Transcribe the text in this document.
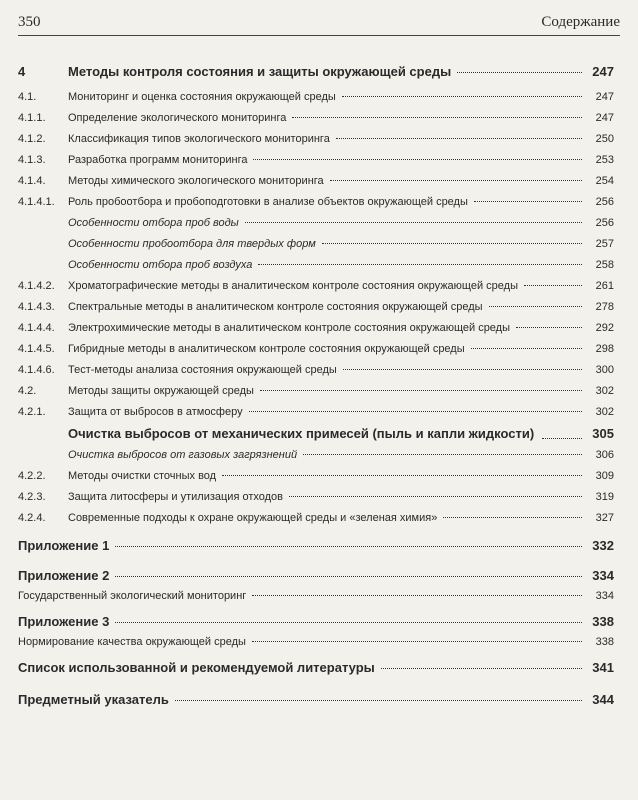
350	Содержание
4	Методы контроля состояния и защиты окружающей среды	247
4.1.	Мониторинг и оценка состояния окружающей среды	247
4.1.1.	Определение экологического мониторинга	247
4.1.2.	Классификация типов экологического мониторинга	250
4.1.3.	Разработка программ мониторинга	253
4.1.4.	Методы химического экологического мониторинга	254
4.1.4.1.	Роль пробоотбора и пробоподготовки в анализе объектов окружающей среды	256
Особенности отбора проб воды	256
Особенности пробоотбора для твердых форм	257
Особенности отбора проб воздуха	258
4.1.4.2.	Хроматографические методы в аналитическом контроле состояния окружающей среды	261
4.1.4.3.	Спектральные методы в аналитическом контроле состояния окружающей среды	278
4.1.4.4.	Электрохимические методы в аналитическом контроле состояния окружающей среды	292
4.1.4.5.	Гибридные методы в аналитическом контроле состояния окружающей среды	298
4.1.4.6.	Тест-методы анализа состояния окружающей среды	300
4.2.	Методы защиты окружающей среды	302
4.2.1.	Защита от выбросов в атмосферу	302
Очистка выбросов от механических примесей (пыль и капли жидкости)	305
Очистка выбросов от газовых загрязнений	306
4.2.2.	Методы очистки сточных вод	309
4.2.3.	Защита литосферы и утилизация отходов	319
4.2.4.	Современные подходы к охране окружающей среды и «зеленая химия»	327
Приложение 1	332
Приложение 2	334
Государственный экологический мониторинг	334
Приложение 3	338
Нормирование качества окружающей среды	338
Список использованной и рекомендуемой литературы	341
Предметный указатель	344
